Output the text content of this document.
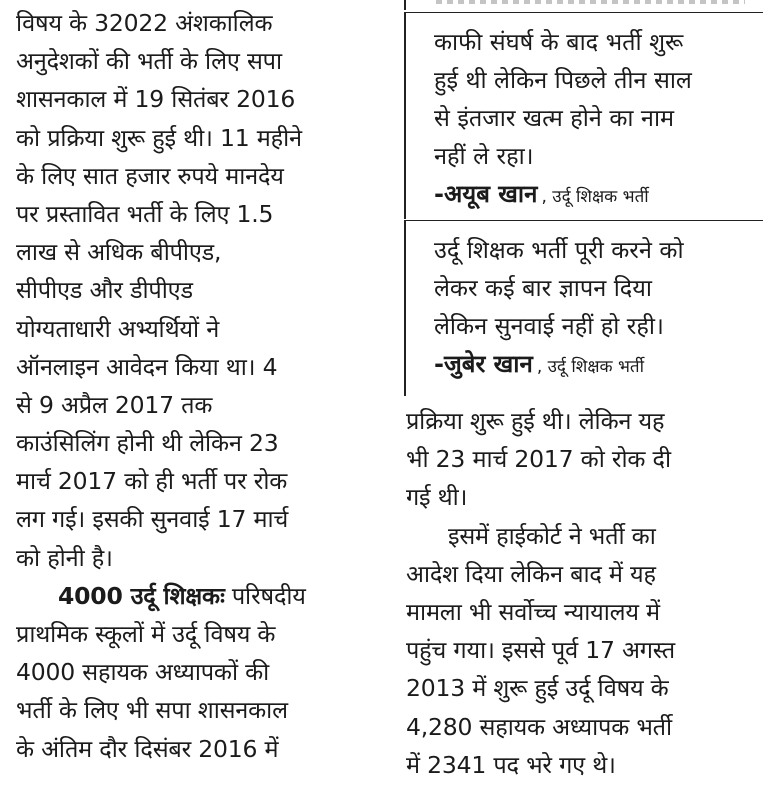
विषय के 32022 अंशकालिक
अनुदेशकों की भर्ती के लिए सपा
शासनकाल में 19 सितंबर 2016
को प्रक्रिया शुरू हुई थी। 11 महीने
के लिए सात हजार रुपये मानदेय
पर प्रस्तावित भर्ती के लिए 1.5
लाख से अधिक बीपीएड,
सीपीएड और डीपीएड
योग्यताधारी अभ्यर्थियों ने
ऑनलाइन आवेदन किया था। 4
से 9 अप्रैल 2017 तक
काउंसिलिंग होनी थी लेकिन 23
मार्च 2017 को ही भर्ती पर रोक
लग गई। इसकी सुनवाई 17 मार्च
को होनी है।
4000 उर्दू शिक्षकः परिषदीय
प्राथमिक स्कूलों में उर्दू विषय के
4000 सहायक अध्यापकों की
भर्ती के लिए भी सपा शासनकाल
के अंतिम दौर दिसंबर 2016 में
काफी संघर्ष के बाद भर्ती शुरू
हुई थी लेकिन पिछले तीन साल
से इंतजार खत्म होने का नाम
नहीं ले रहा।
-अयूब खान , उर्दू शिक्षक भर्ती
उर्दू शिक्षक भर्ती पूरी करने को
लेकर कई बार ज्ञापन दिया
लेकिन सुनवाई नहीं हो रही।
-जुबेर खान , उर्दू शिक्षक भर्ती
प्रक्रिया शुरू हुई थी। लेकिन यह
भी 23 मार्च 2017 को रोक दी
गई थी।
इसमें हाईकोर्ट ने भर्ती का
आदेश दिया लेकिन बाद में यह
मामला भी सर्वोच्च न्यायालय में
पहुंच गया। इससे पूर्व 17 अगस्त
2013 में शुरू हुई उर्दू विषय के
4,280 सहायक अध्यापक भर्ती
में 2341 पद भरे गए थे।
